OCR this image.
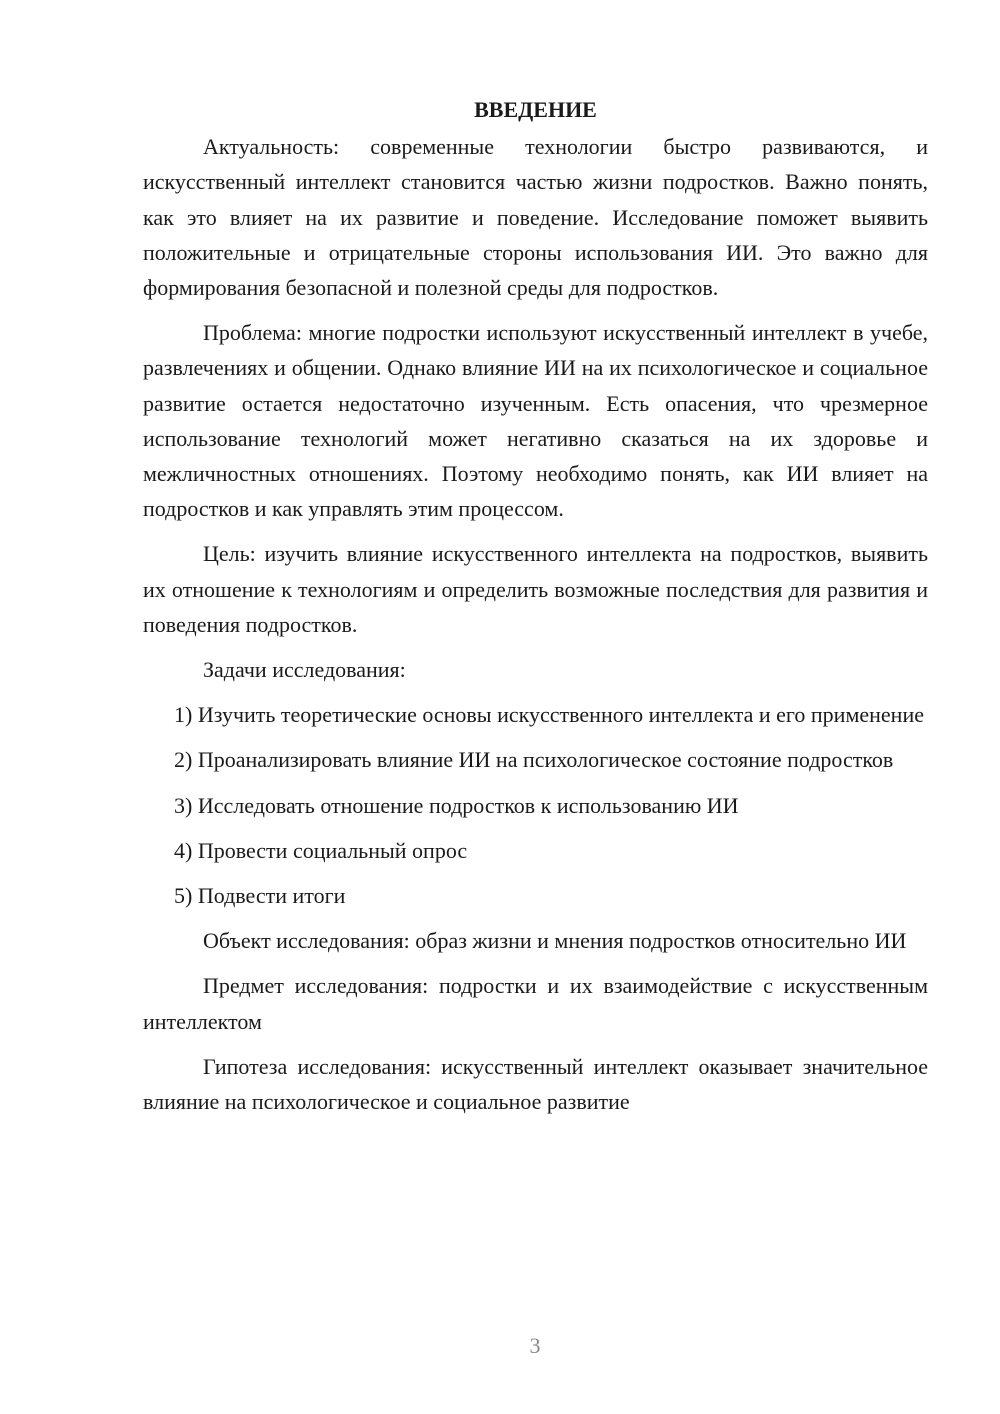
ВВЕДЕНИЕ

Актуальность: современные технологии быстро развиваются, и искусственный интеллект становится частью жизни подростков. Важно понять, как это влияет на их развитие и поведение. Исследование поможет выявить положительные и отрицательные стороны использования ИИ. Это важно для формирования безопасной и полезной среды для подростков.

Проблема: многие подростки используют искусственный интеллект в учебе, развлечениях и общении. Однако влияние ИИ на их психологическое и социальное развитие остается недостаточно изученным. Есть опасения, что чрезмерное использование технологий может негативно сказаться на их здоровье и межличностных отношениях. Поэтому необходимо понять, как ИИ влияет на подростков и как управлять этим процессом.

Цель: изучить влияние искусственного интеллекта на подростков, выявить их отношение к технологиям и определить возможные последствия для развития и поведения подростков.

Задачи исследования:

1) Изучить теоретические основы искусственного интеллекта и его применение

2) Проанализировать влияние ИИ на психологическое состояние подростков

3) Исследовать отношение подростков к использованию ИИ

4) Провести социальный опрос

5) Подвести итоги

Объект исследования: образ жизни и мнения подростков относительно ИИ

Предмет исследования: подростки и их взаимодействие с искусственным интеллектом

Гипотеза исследования: искусственный интеллект оказывает значительное влияние на психологическое и социальное развитие

3
